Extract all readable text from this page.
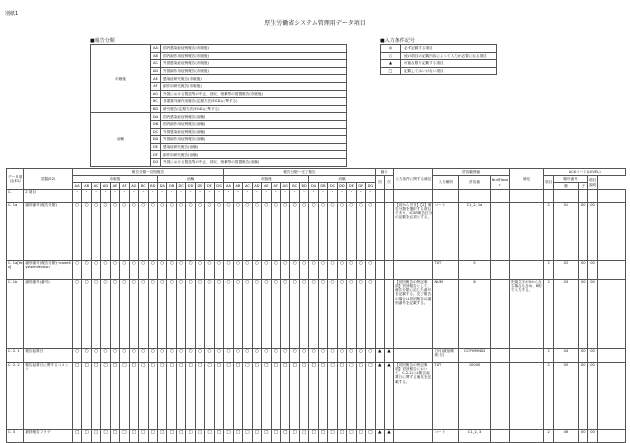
別紙1
厚生労働省システム管理用データ項目
■報告分類
市販後	AA	国内感染症症例報告(市販後)
	AB	国内副作用症例報告(市販後)
	AC	外国感染症症例報告(市販後)
	AD	外国副作用症例報告(市販後)
	AE	感染症研究報告(市販後)
	AF	副作用研究報告(市販後)
	AG	外国における製造等の中止、回収、廃棄等の措置報告(市販後)
	BC	非重篤外副作用報告(定期方法(EGD)に準ずる)
	BD	研究報告(定期方法(EGD)に準ずる)
治験	DA	国内感染症症例報告(治験)
	DB	国内副作用症例報告(治験)
	DC	外国感染症症例報告(治験)
	DD	外国副作用症例報告(治験)
	DE	感染症研究報告(治験)
	DF	副作用研究報告(治験)
	DG	外国における製造等の中止、回収、廃棄等の措置報告(治験)
■入力条件記号
◎	必ず記載する項目
○	他の項目の記載内容によって入力が必要になる項目
▲	可能な限り記載する項目
□	記載してはいけない項目
データ項目(E2)	武器(E2)	報告分類ー初回報告																報告分類ー完了報告																繰り		入力条件に関する補足	許容範囲値			補足	ACKコード(LEVEL)				
		市販後									治験							市販後									治験							初	次		入力種別	許容値	NullFlavor		項目	順序番号		項目説明	
		AA	AB	AC	AD	AE	AF	AG	BC	BD	DA	DB	DC	DD	DE	DF	DG	AA	AB	AC	AD	AE	AF	AG	BC	BD	DA	DB	DC	DD	DE	DF	DG									親	子		
C.	2 項目	-	-	-	-	-	-	-	-	-	-	-	-	-	-	-	-	-	-	-	-	-	-	-	-	-	-	-	-	-	-	-	-												
C. 1a	識別番号(報告分類)	○	○	○	○	○	○	○	○	○	○	○	○	○	○	○	○	○	○	○	○	○	○	○	○	○	○	○	○	○	○	○	○			【初から引き】【2】報告分類を選択する項目であり、ICSR報告区分の記載を必須とする。	コード	C1_2, 1a			2	01	00	00	
C. 1a[Yes]	識別番号(報告分類)→codeSystemVersion	○	○	○	○	○	○	○	○	○	○	○	○	○	○	○	○	○	○	○	○	○	○	○	○	○	○	○	○	○	○	○	○				TXT	5			2	02	00	00	
C. 1b	識別番号(番号)	○	○	○	○	○	○	○	○	○	○	○	○	○	○	○	○	○	○	○	○	○	○	○	○	○	○	○	○	○	○	○	○			【初回報告の特記事項】初回報告として、報告分類に応じた番号を記載する。完了報告の場合は初回報告の識別番号を記載する。	NUM	8		先頭文字が0からなる場合も含め、8桁で入力する。	2	03	00	00	
C. 2. 1	報告起算日	○	○	○	○	○	○	○	○	○	○	○	○	○	○	○	○	○	○	○	○	○	○	○	○	○	○	○	○	○	○	○	○	▲	▲		日付(最低精度:日)	CCYYMMDD			2	04	00	00	
C. 2. 2	報告起算日に関するコメント	□	□	□	□	□	□	□	□	□	□	□	□	□	□	□	□	□	□	□	□	□	□	□	□	□	□	□	□	□	□	□	□	▲	▲	【初回報告の特記事項】初回報告において、C.2.2には報告起算日に関する補足を記載する。	TXT	10000			2	05	00	00	
C. 3	最終報告フラグ	□	□	□	□	□	□	□	□	□	□	□	□	□	□	□	□	□	□	□	□	□	□	□	□	□	□	□	□	□	□	□	□	▲	▲		コード	C1_2, 3			2	06	00	00	
